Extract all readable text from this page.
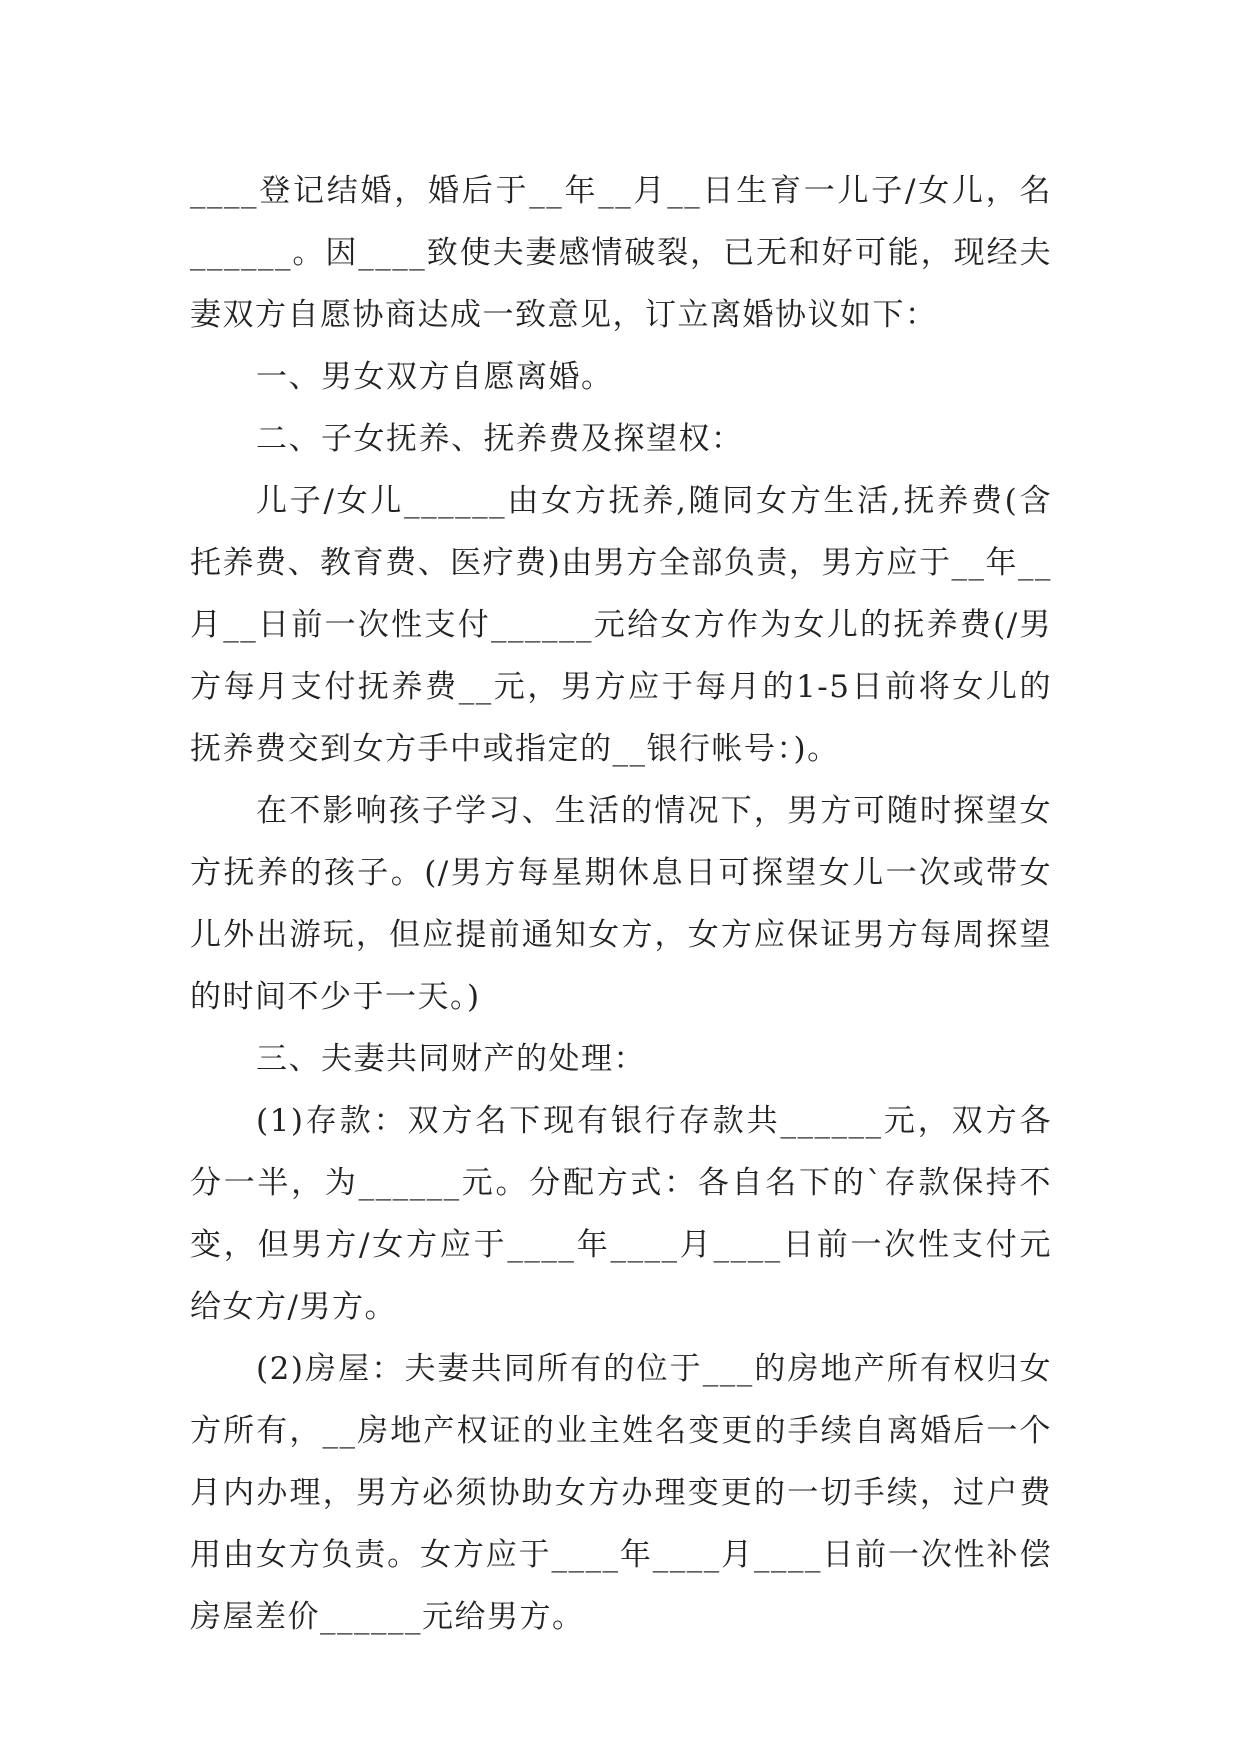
____登记结婚，婚后于__年__月__日生育一儿子/女儿，名______。因____致使夫妻感情破裂，已无和好可能，现经夫妻双方自愿协商达成一致意见，订立离婚协议如下：

一、男女双方自愿离婚。

二、子女抚养、抚养费及探望权：

儿子/女儿______由女方抚养,随同女方生活,抚养费(含托养费、教育费、医疗费)由男方全部负责，男方应于__年__月__日前一次性支付______元给女方作为女儿的抚养费(/男方每月支付抚养费__元，男方应于每月的1-5日前将女儿的抚养费交到女方手中或指定的__银行帐号：)。

在不影响孩子学习、生活的情况下，男方可随时探望女方抚养的孩子。(/男方每星期休息日可探望女儿一次或带女儿外出游玩，但应提前通知女方，女方应保证男方每周探望的时间不少于一天。)

三、夫妻共同财产的处理：

(1)存款：双方名下现有银行存款共______元，双方各分一半，为______元。分配方式：各自名下的`存款保持不变，但男方/女方应于____年____月____日前一次性支付元给女方/男方。

(2)房屋：夫妻共同所有的位于___的房地产所有权归女方所有，__房地产权证的业主姓名变更的手续自离婚后一个月内办理，男方必须协助女方办理变更的一切手续，过户费用由女方负责。女方应于____年____月____日前一次性补偿房屋差价______元给男方。
